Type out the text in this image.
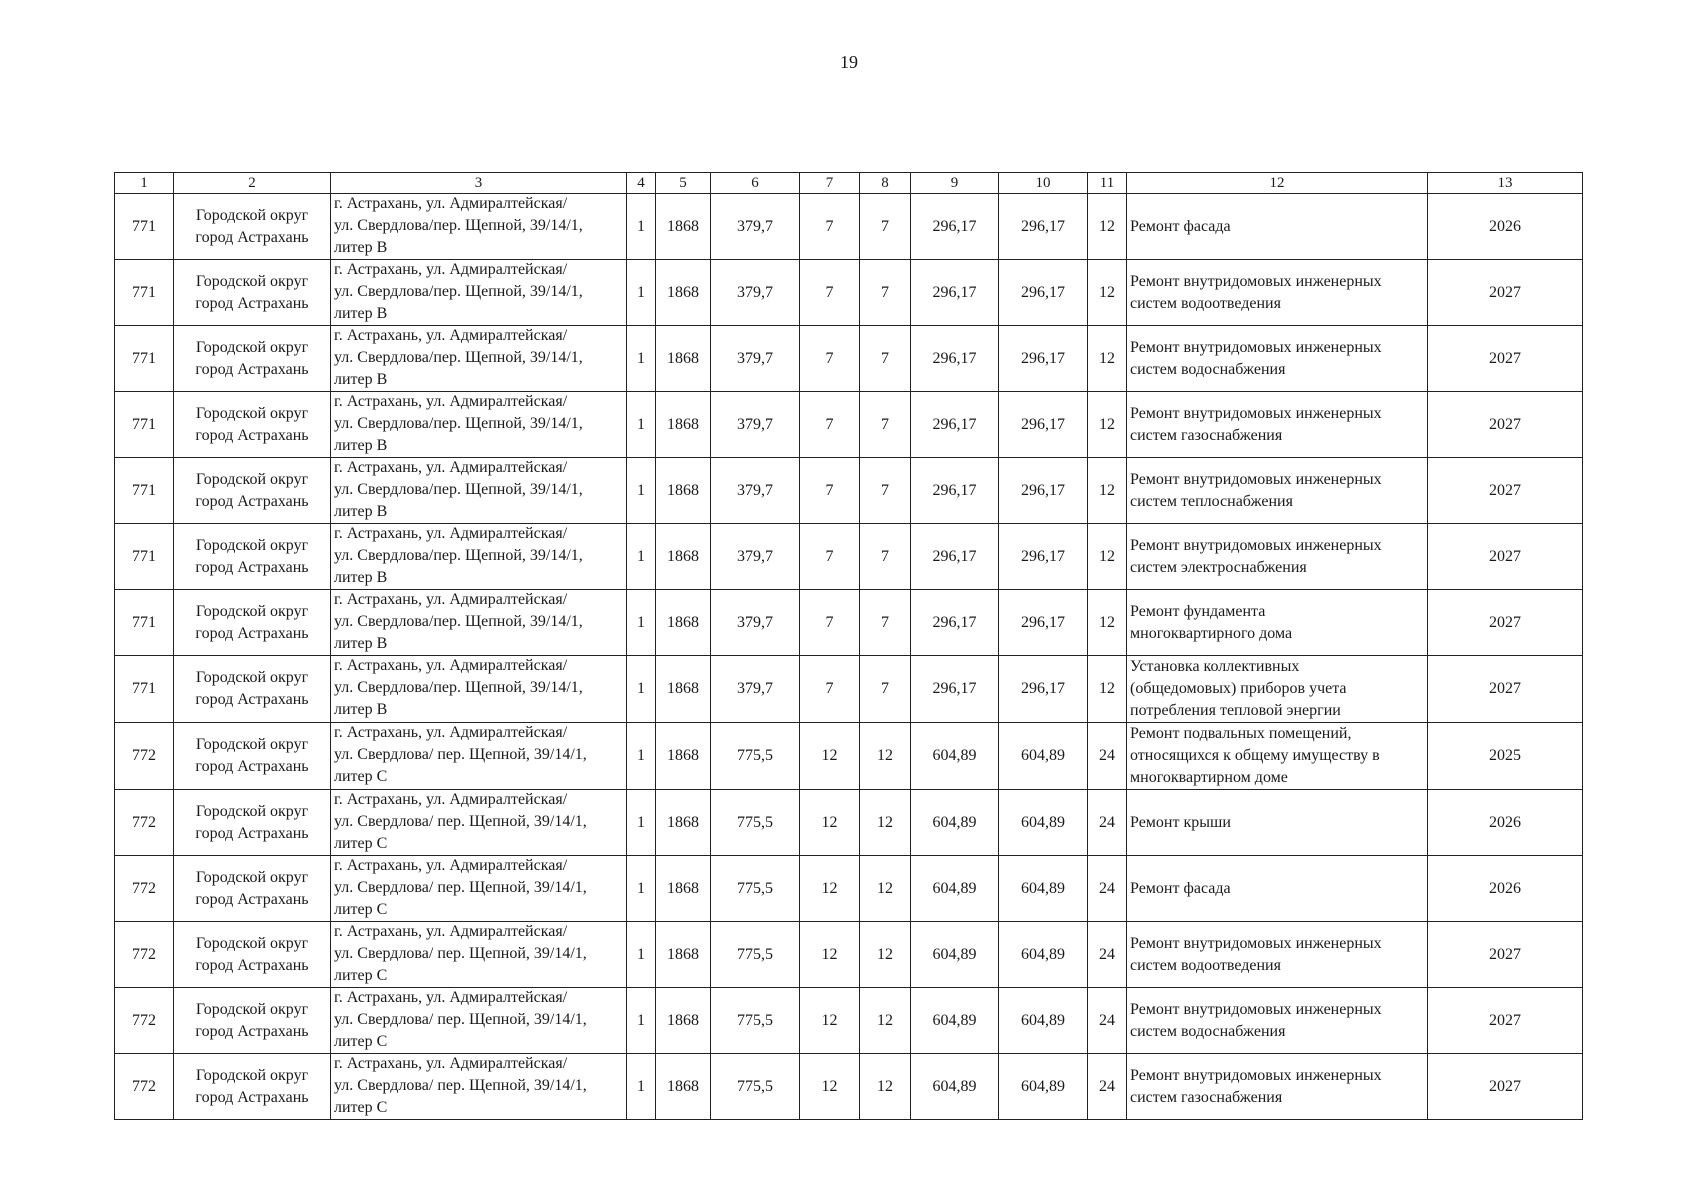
19
1	2	3	4	5	6	7	8	9	10	11	12	13

771	Городской округ
город Астрахань	г. Астрахань, ул. Адмиралтейская/
ул. Свердлова/пер. Щепной, 39/14/1,
литер В	1	1868	379,7	7	7	296,17	296,17	12	Ремонт фасада	2026

771	Городской округ
город Астрахань	г. Астрахань, ул. Адмиралтейская/
ул. Свердлова/пер. Щепной, 39/14/1,
литер В	1	1868	379,7	7	7	296,17	296,17	12	Ремонт внутридомовых инженерных
систем водоотведения	2027

771	Городской округ
город Астрахань	г. Астрахань, ул. Адмиралтейская/
ул. Свердлова/пер. Щепной, 39/14/1,
литер В	1	1868	379,7	7	7	296,17	296,17	12	Ремонт внутридомовых инженерных
систем водоснабжения	2027

771	Городской округ
город Астрахань	г. Астрахань, ул. Адмиралтейская/
ул. Свердлова/пер. Щепной, 39/14/1,
литер В	1	1868	379,7	7	7	296,17	296,17	12	Ремонт внутридомовых инженерных
систем газоснабжения	2027

771	Городской округ
город Астрахань	г. Астрахань, ул. Адмиралтейская/
ул. Свердлова/пер. Щепной, 39/14/1,
литер В	1	1868	379,7	7	7	296,17	296,17	12	Ремонт внутридомовых инженерных
систем теплоснабжения	2027

771	Городской округ
город Астрахань	г. Астрахань, ул. Адмиралтейская/
ул. Свердлова/пер. Щепной, 39/14/1,
литер В	1	1868	379,7	7	7	296,17	296,17	12	Ремонт внутридомовых инженерных
систем электроснабжения	2027

771	Городской округ
город Астрахань	г. Астрахань, ул. Адмиралтейская/
ул. Свердлова/пер. Щепной, 39/14/1,
литер В	1	1868	379,7	7	7	296,17	296,17	12	Ремонт фундамента
многоквартирного дома	2027

771	Городской округ
город Астрахань	г. Астрахань, ул. Адмиралтейская/
ул. Свердлова/пер. Щепной, 39/14/1,
литер В	1	1868	379,7	7	7	296,17	296,17	12	Установка коллективных
(общедомовых) приборов учета
потребления тепловой энергии	2027

772	Городской округ
город Астрахань	г. Астрахань, ул. Адмиралтейская/
ул. Свердлова/ пер. Щепной, 39/14/1,
литер С	1	1868	775,5	12	12	604,89	604,89	24	Ремонт подвальных помещений,
относящихся к общему имуществу в
многоквартирном доме	2025

772	Городской округ
город Астрахань	г. Астрахань, ул. Адмиралтейская/
ул. Свердлова/ пер. Щепной, 39/14/1,
литер С	1	1868	775,5	12	12	604,89	604,89	24	Ремонт крыши	2026

772	Городской округ
город Астрахань	г. Астрахань, ул. Адмиралтейская/
ул. Свердлова/ пер. Щепной, 39/14/1,
литер С	1	1868	775,5	12	12	604,89	604,89	24	Ремонт фасада	2026

772	Городской округ
город Астрахань	г. Астрахань, ул. Адмиралтейская/
ул. Свердлова/ пер. Щепной, 39/14/1,
литер С	1	1868	775,5	12	12	604,89	604,89	24	Ремонт внутридомовых инженерных
систем водоотведения	2027

772	Городской округ
город Астрахань	г. Астрахань, ул. Адмиралтейская/
ул. Свердлова/ пер. Щепной, 39/14/1,
литер С	1	1868	775,5	12	12	604,89	604,89	24	Ремонт внутридомовых инженерных
систем водоснабжения	2027

772	Городской округ
город Астрахань	г. Астрахань, ул. Адмиралтейская/
ул. Свердлова/ пер. Щепной, 39/14/1,
литер С	1	1868	775,5	12	12	604,89	604,89	24	Ремонт внутридомовых инженерных
систем газоснабжения	2027
